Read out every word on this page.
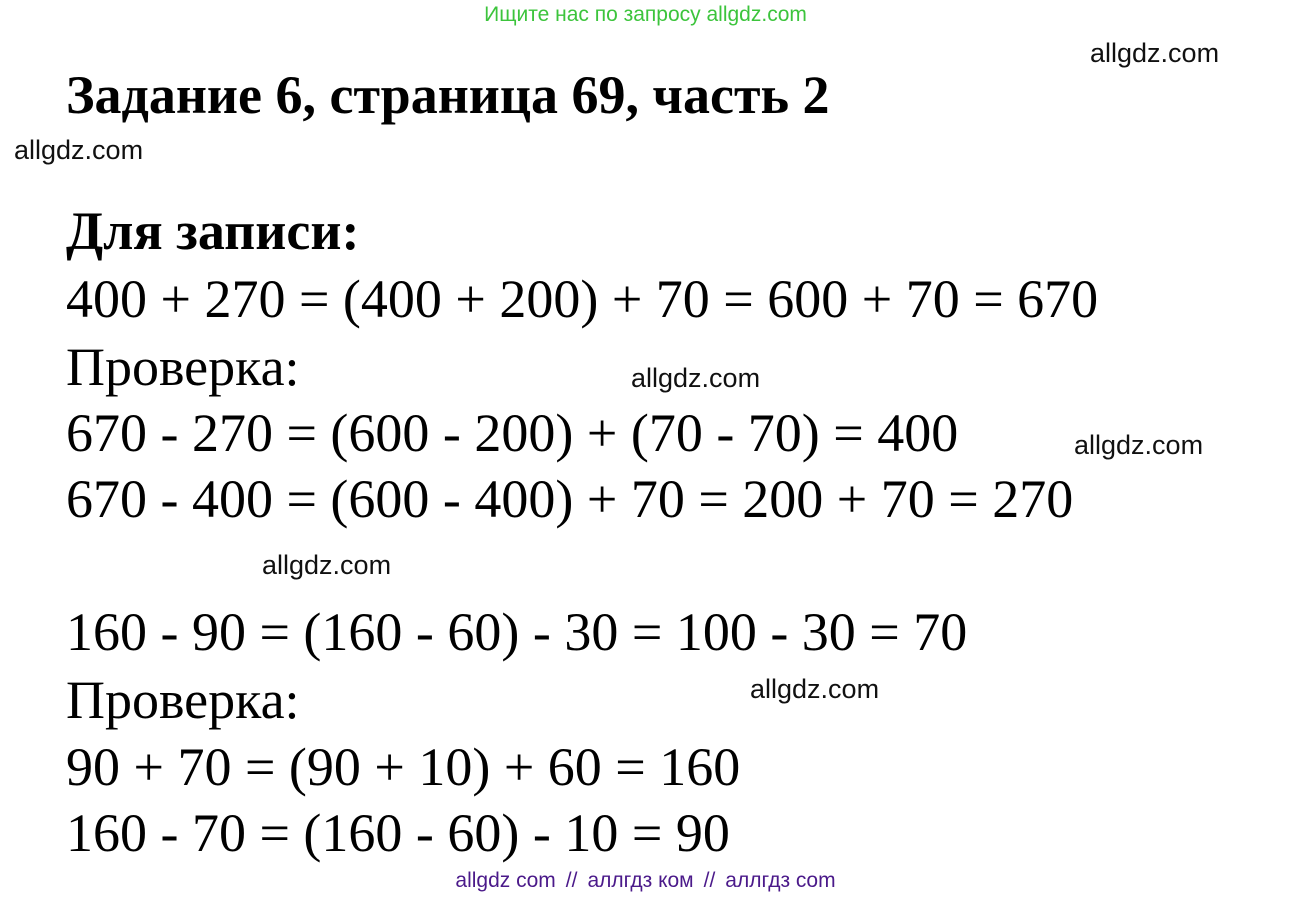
Ищите нас по запросу allgdz.com
allgdz.com
allgdz.com
allgdz.com
allgdz.com
allgdz.com
allgdz.com
Задание 6, страница 69, часть 2
Для записи:
400 + 270 = (400 + 200) + 70 = 600 + 70 = 670
Проверка:
670 - 270 = (600 - 200) + (70 - 70) = 400
670 - 400 = (600 - 400) + 70 = 200 + 70 = 270
160 - 90 = (160 - 60) - 30 = 100 - 30 = 70
Проверка:
90 + 70 = (90 + 10) + 60 = 160
160 - 70 = (160 - 60) - 10 = 90
allgdz com // аллгдз ком // аллгдз com
